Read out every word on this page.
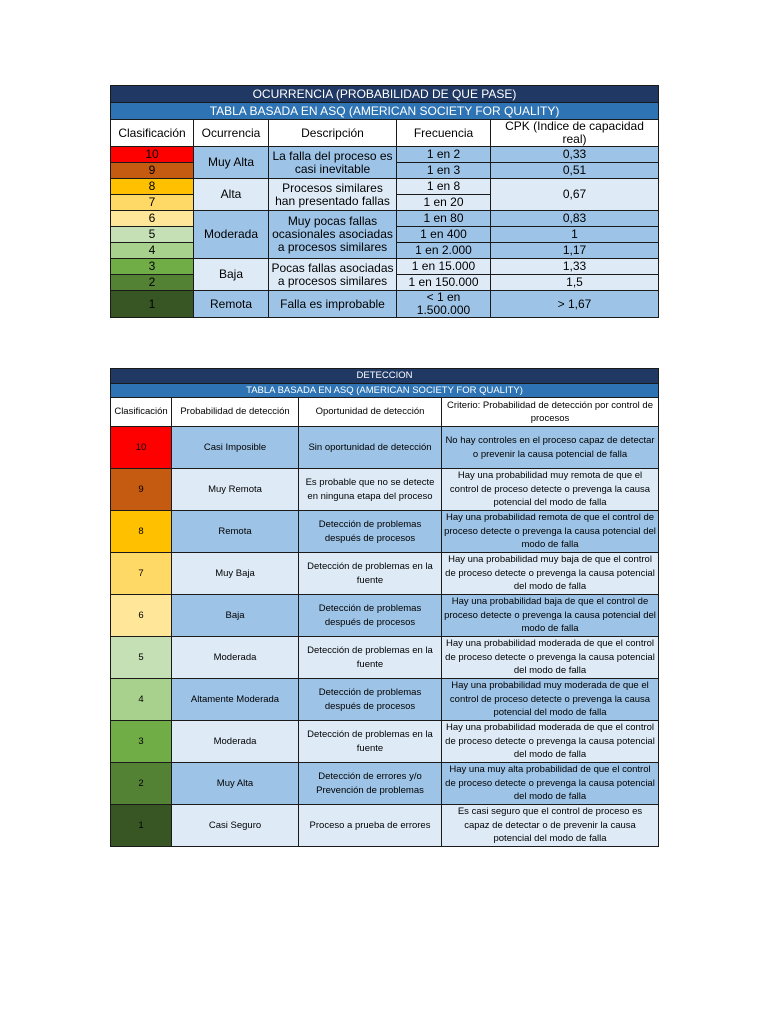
OCURRENCIA (PROBABILIDAD DE QUE PASE)				
TABLA BASADA EN ASQ (AMERICAN SOCIETY FOR QUALITY)				
Clasificación	Ocurrencia	Descripción	Frecuencia	CPK (Indice de capacidad real)
10	Muy Alta	La falla del proceso es casi inevitable	1 en 2	0,33
9			1 en 3	0,51
8	Alta	Procesos similares han presentado fallas	1 en 8	0,67
7			1 en 20	
6	Moderada	Muy pocas fallas ocasionales asociadas a procesos similares	1 en 80	0,83
5			1 en 400	1
4			1 en 2.000	1,17
3	Baja	Pocas fallas asociadas a procesos similares	1 en 15.000	1,33
2			1 en 150.000	1,5
1	Remota	Falla es improbable	< 1 en 1.500.000	> 1,67
DETECCION			
TABLA BASADA EN ASQ (AMERICAN SOCIETY FOR QUALITY)			
Clasificación	Probabilidad de detección	Oportunidad de detección	Criterio: Probabilidad de detección por control de procesos
10	Casi Imposible	Sin oportunidad de detección	No hay controles en el proceso capaz de detectar o prevenir la causa potencial de falla
9	Muy Remota	Es probable que no se detecte en ninguna etapa del proceso	Hay una probabilidad muy remota de que el control de proceso detecte o prevenga la causa potencial del modo de falla
8	Remota	Detección de problemas después de procesos	Hay una probabilidad remota de que el control de proceso detecte o prevenga la causa potencial del modo de falla
7	Muy Baja	Detección de problemas en la fuente	Hay una probabilidad muy baja de que el control de proceso detecte o prevenga la causa potencial del modo de falla
6	Baja	Detección de problemas después de procesos	Hay una probabilidad baja de que el control de proceso detecte o prevenga la causa potencial del modo de falla
5	Moderada	Detección de problemas en la fuente	Hay una probabilidad moderada de que el control de proceso detecte o prevenga la causa potencial del modo de falla
4	Altamente Moderada	Detección de problemas después de procesos	Hay una probabilidad muy moderada de que el control de proceso detecte o prevenga la causa potencial del modo de falla
3	Moderada	Detección de problemas en la fuente	Hay una probabilidad moderada de que el control de proceso detecte o prevenga la causa potencial del modo de falla
2	Muy Alta	Detección de errores y/o Prevención de problemas	Hay una muy alta probabilidad de que el control de proceso detecte o prevenga la causa potencial del modo de falla
1	Casi Seguro	Proceso a prueba de errores	Es casi seguro que el control de proceso es capaz de detectar o de prevenir la causa potencial del modo de falla
